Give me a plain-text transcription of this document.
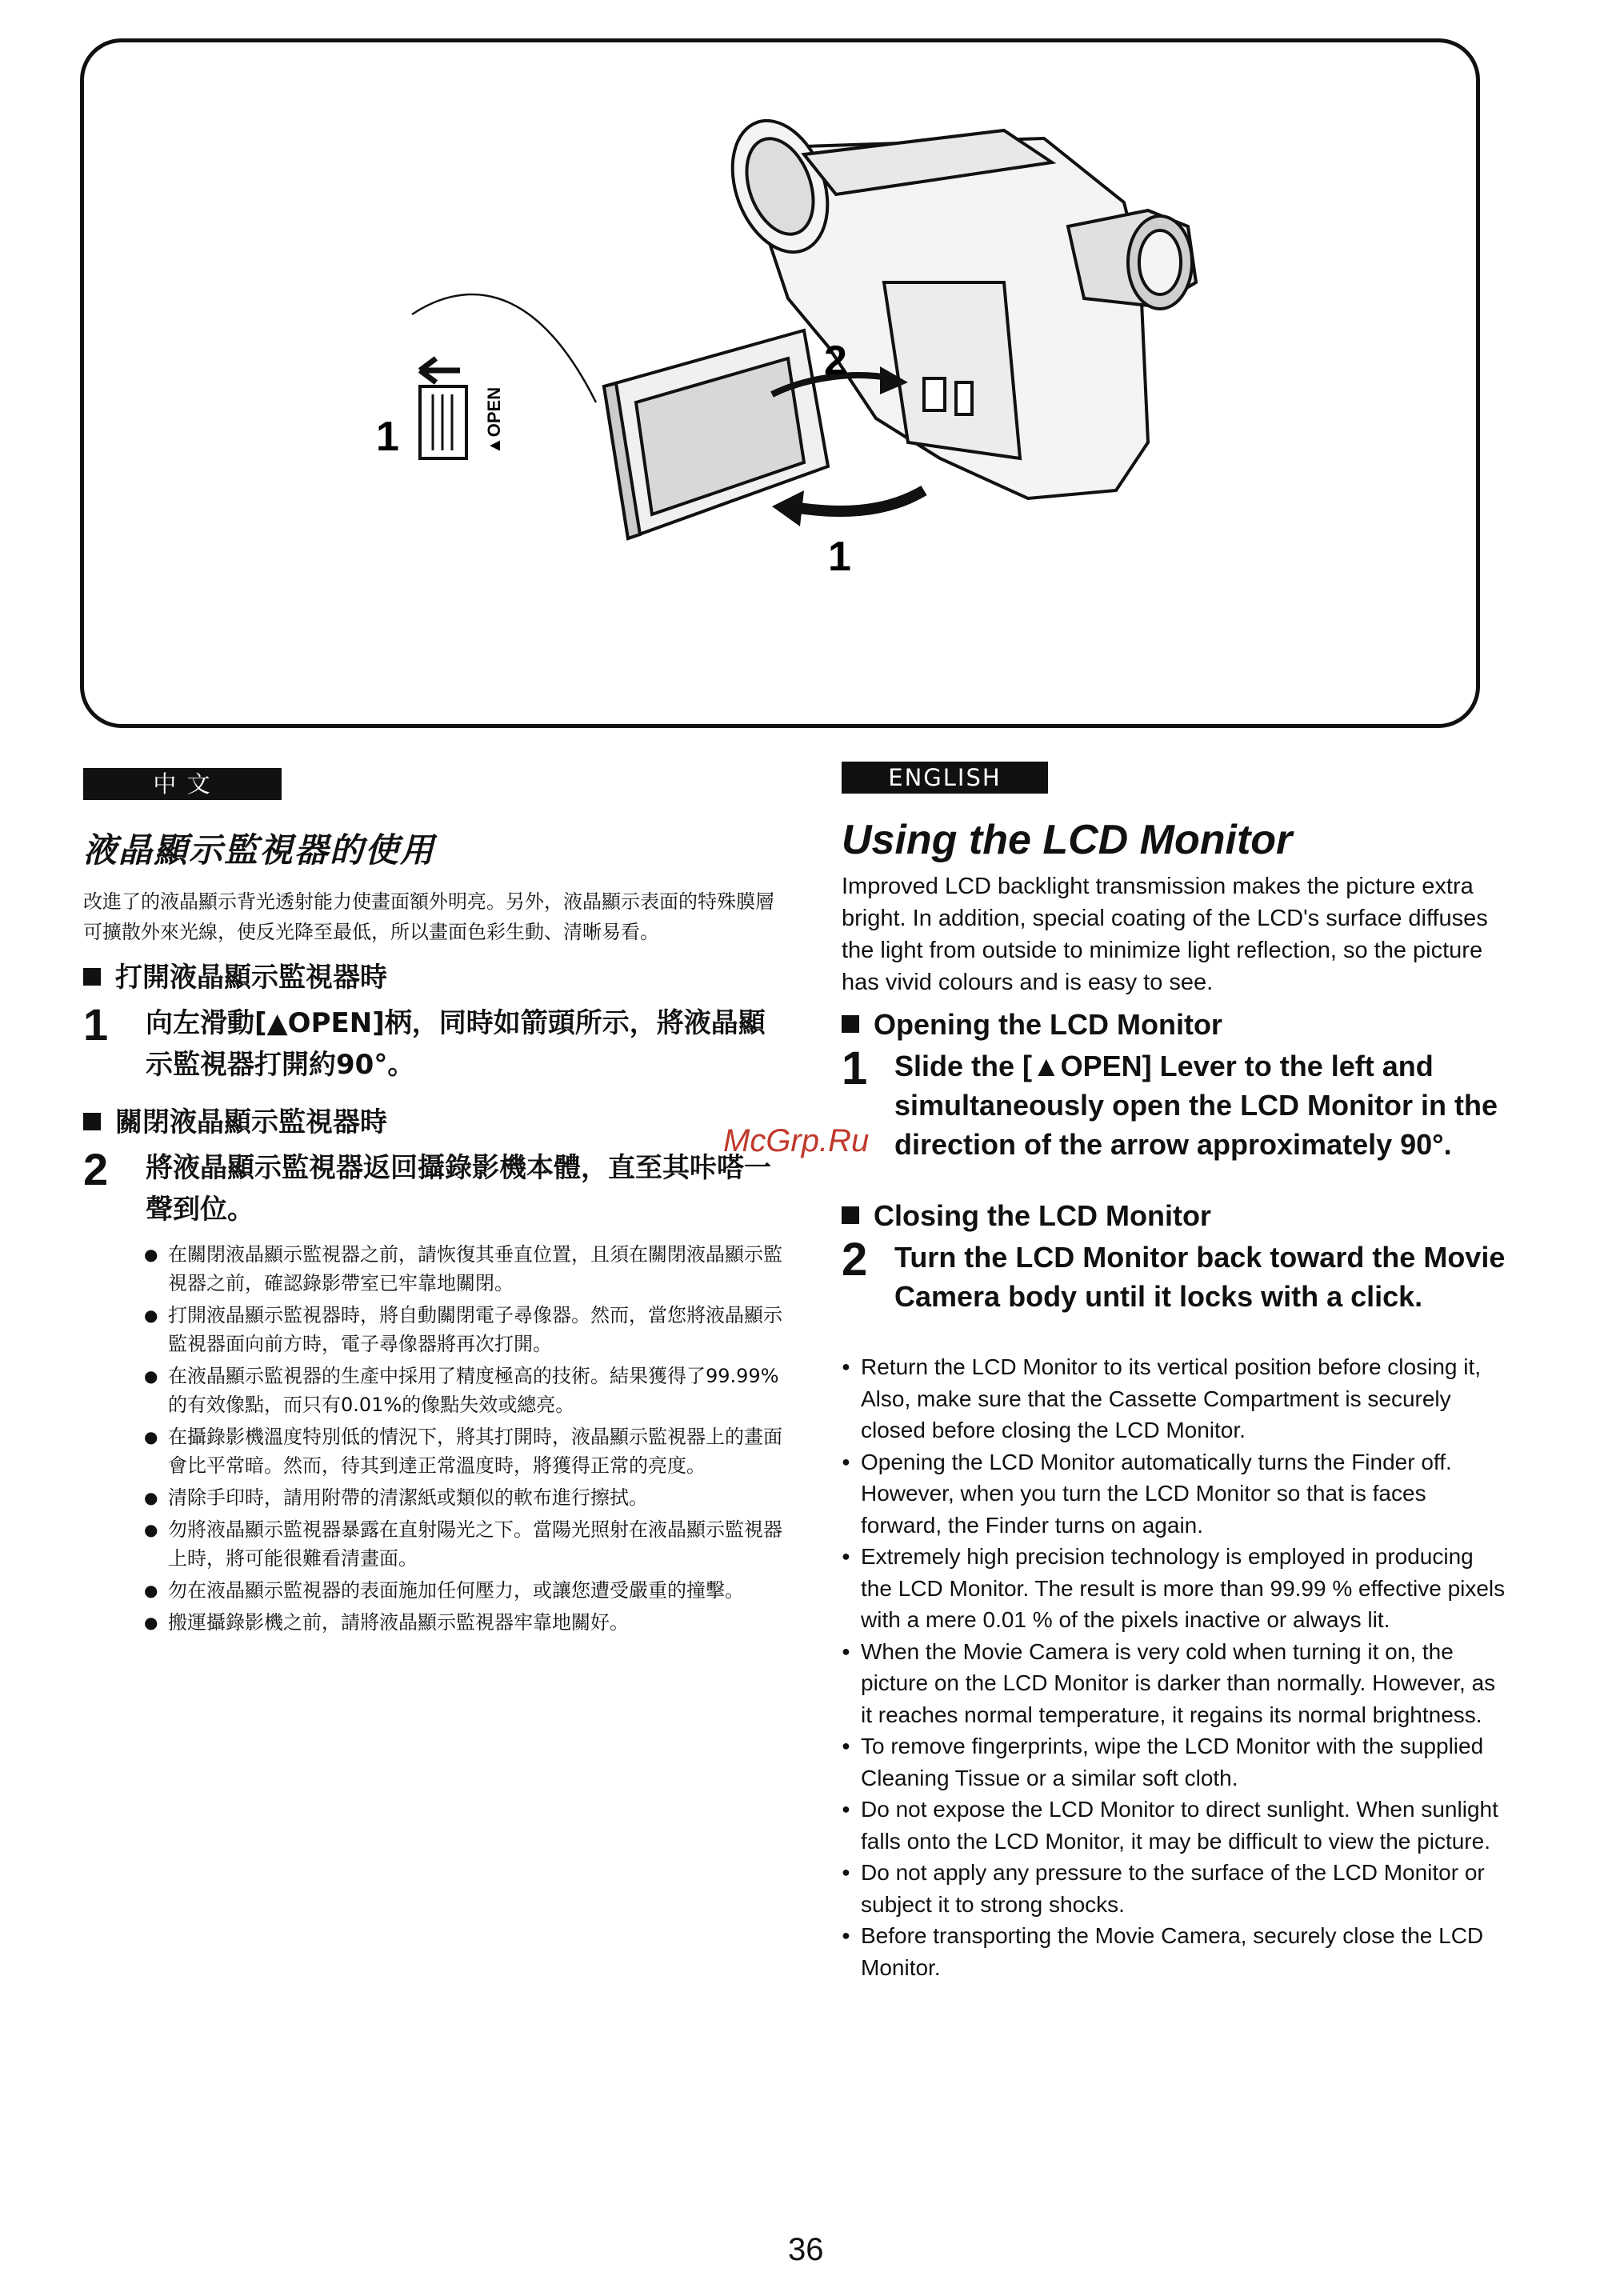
1
1
2
▲OPEN
中 文	ENGLISH
液晶顯示監視器的使用

改進了的液晶顯示背光透射能力使畫面額外明亮。另外，液晶顯示表面的特殊膜層可擴散外來光線，使反光降至最低，所以畫面色彩生動、清晰易看。

打開液晶顯示監視器時
1	向左滑動[▲OPEN]柄，同時如箭頭所示，將液晶顯示監視器打開約90°。
關閉液晶顯示監視器時
2	將液晶顯示監視器返回攝錄影機本體，直至其咔嗒一聲到位。
● 在關閉液晶顯示監視器之前，請恢復其垂直位置，且須在關閉液晶顯示監視器之前，確認錄影帶室已牢靠地關閉。
● 打開液晶顯示監視器時，將自動關閉電子尋像器。然而，當您將液晶顯示監視器面向前方時，電子尋像器將再次打開。
● 在液晶顯示監視器的生產中採用了精度極高的技術。結果獲得了99.99%的有效像點，而只有0.01%的像點失效或總亮。
● 在攝錄影機溫度特別低的情況下，將其打開時，液晶顯示監視器上的畫面會比平常暗。然而，待其到達正常溫度時，將獲得正常的亮度。
● 清除手印時，請用附帶的清潔紙或類似的軟布進行擦拭。
● 勿將液晶顯示監視器暴露在直射陽光之下。當陽光照射在液晶顯示監視器上時，將可能很難看清畫面。
● 勿在液晶顯示監視器的表面施加任何壓力，或讓您遭受嚴重的撞擊。
● 搬運攝錄影機之前，請將液晶顯示監視器牢靠地關好。
Using the LCD Monitor

Improved LCD backlight transmission makes the picture extra bright. In addition, special coating of the LCD's surface diffuses the light from outside to minimize light reflection, so the picture has vivid colours and is easy to see.

Opening the LCD Monitor
1 Slide the [▲OPEN] Lever to the left and simultaneously open the LCD Monitor in the direction of the arrow approximately 90°.
Closing the LCD Monitor
2 Turn the LCD Monitor back toward the Movie Camera body until it locks with a click.
● Return the LCD Monitor to its vertical position before closing it, Also, make sure that the Cassette Compartment is securely closed before closing the LCD Monitor.
● Opening the LCD Monitor automatically turns the Finder off. However, when you turn the LCD Monitor so that is faces forward, the Finder turns on again.
● Extremely high precision technology is employed in producing the LCD Monitor. The result is more than 99.99 % effective pixels with a mere 0.01 % of the pixels inactive or always lit.
● When the Movie Camera is very cold when turning it on, the picture on the LCD Monitor is darker than normally. However, as it reaches normal temperature, it regains its normal brightness.
● To remove fingerprints, wipe the LCD Monitor with the supplied Cleaning Tissue or a similar soft cloth.
● Do not expose the LCD Monitor to direct sunlight. When sunlight falls onto the LCD Monitor, it may be difficult to view the picture.
● Do not apply any pressure to the surface of the LCD Monitor or subject it to strong shocks.
● Before transporting the Movie Camera, securely close the LCD Monitor.
McGrp.Ru
36
